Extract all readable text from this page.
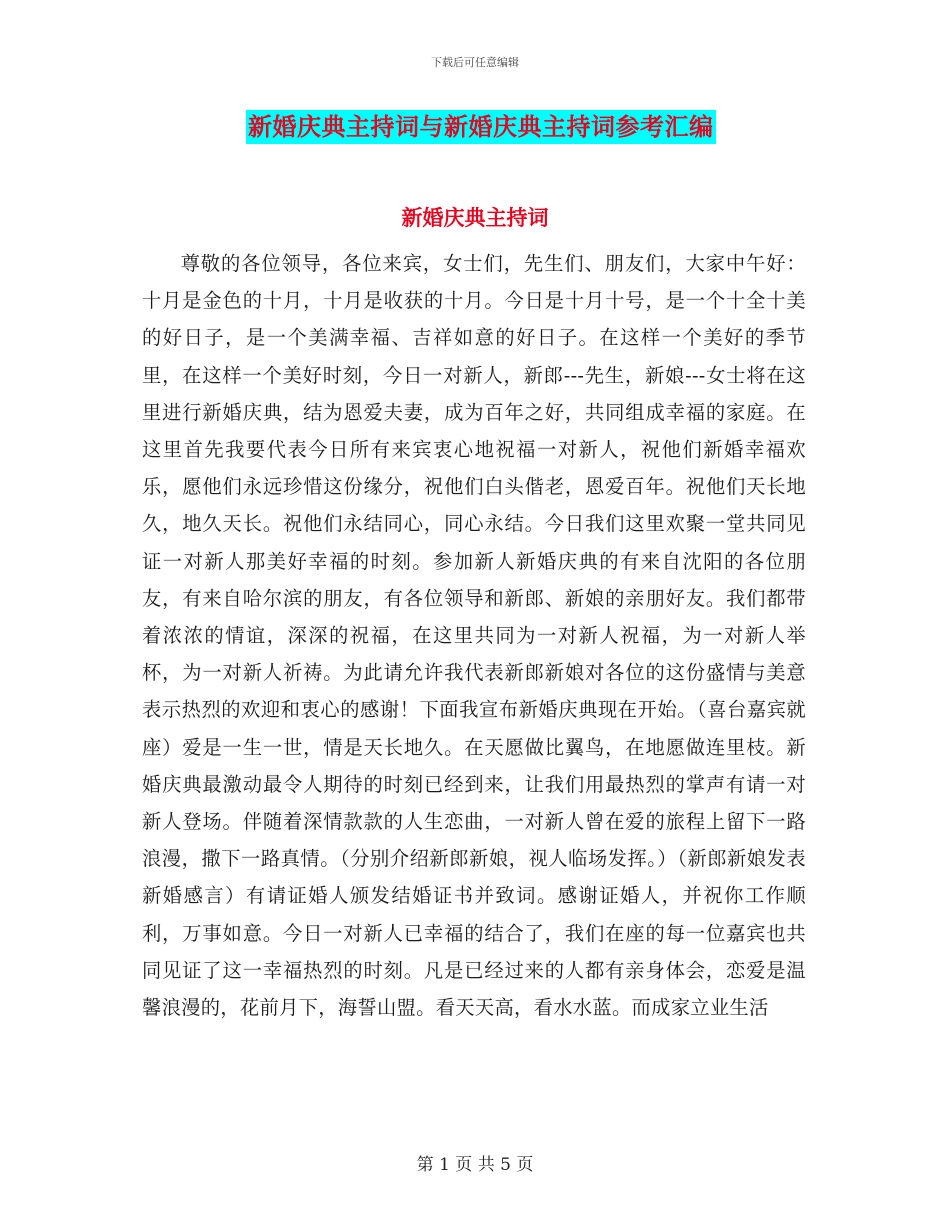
下载后可任意编辑
新婚庆典主持词与新婚庆典主持词参考汇编
新婚庆典主持词

尊敬的各位领导，各位来宾，女士们，先生们、朋友们，大家中午好：十月是金色的十月，十月是收获的十月。今日是十月十号，是一个十全十美的好日子，是一个美满幸福、吉祥如意的好日子。在这样一个美好的季节里，在这样一个美好时刻，今日一对新人，新郎---先生，新娘---女士将在这里进行新婚庆典，结为恩爱夫妻，成为百年之好，共同组成幸福的家庭。在这里首先我要代表今日所有来宾衷心地祝福一对新人，祝他们新婚幸福欢乐，愿他们永远珍惜这份缘分，祝他们白头偕老，恩爱百年。祝他们天长地久，地久天长。祝他们永结同心，同心永结。今日我们这里欢聚一堂共同见证一对新人那美好幸福的时刻。参加新人新婚庆典的有来自沈阳的各位朋友，有来自哈尔滨的朋友，有各位领导和新郎、新娘的亲朋好友。我们都带着浓浓的情谊，深深的祝福，在这里共同为一对新人祝福，为一对新人举杯，为一对新人祈祷。为此请允许我代表新郎新娘对各位的这份盛情与美意表示热烈的欢迎和衷心的感谢！下面我宣布新婚庆典现在开始。（喜台嘉宾就座）爱是一生一世，情是天长地久。在天愿做比翼鸟，在地愿做连里枝。新婚庆典最激动最令人期待的时刻已经到来，让我们用最热烈的掌声有请一对新人登场。伴随着深情款款的人生恋曲，一对新人曾在爱的旅程上留下一路浪漫，撒下一路真情。（分别介绍新郎新娘，视人临场发挥。）（新郎新娘发表新婚感言）有请证婚人颁发结婚证书并致词。感谢证婚人，并祝你工作顺利，万事如意。今日一对新人已幸福的结合了，我们在座的每一位嘉宾也共同见证了这一幸福热烈的时刻。凡是已经过来的人都有亲身体会，恋爱是温馨浪漫的，花前月下，海誓山盟。看天天高，看水水蓝。而成家立业生活

第 1 页 共 5 页
